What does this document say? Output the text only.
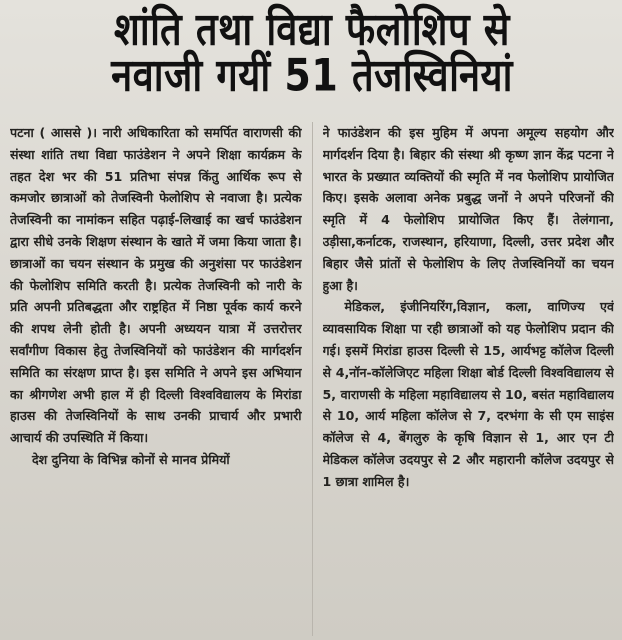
शांति तथा विद्या फैलोशिप से
नवाजी गयीं 51 तेजस्विनियां

पटना ( आससे )। नारी अधिकारिता को समर्पित वाराणसी की संस्था शांति तथा विद्या फाउंडेशन ने अपने शिक्षा कार्यक्रम के तहत देश भर की 51 प्रतिभा संपन्न किंतु आर्थिक रूप से कमजोर छात्राओं को तेजस्विनी फेलोशिप से नवाजा है। प्रत्येक तेजस्विनी का नामांकन सहित पढ़ाई-लिखाई का खर्च फाउंडेशन द्वारा सीधे उनके शिक्षण संस्थान के खाते में जमा किया जाता है। छात्राओं का चयन संस्थान के प्रमुख की अनुशंसा पर फाउंडेशन की फेलोशिप समिति करती है। प्रत्येक तेजस्विनी को नारी के प्रति अपनी प्रतिबद्धता और राष्ट्रहित में निष्ठा पूर्वक कार्य करने की शपथ लेनी होती है। अपनी अध्ययन यात्रा में उत्तरोत्तर सर्वांगीण विकास हेतु तेजस्विनियों को फाउंडेशन की मार्गदर्शन समिति का संरक्षण प्राप्त है। इस समिति ने अपने इस अभियान का श्रीगणेश अभी हाल में ही दिल्ली विश्वविद्यालय के मिरांडा हाउस की तेजस्विनियों के साथ उनकी प्राचार्य और प्रभारी आचार्य की उपस्थिति में किया।

देश दुनिया के विभिन्न कोनों से मानव प्रेमियों

ने फाउंडेशन की इस मुहिम में अपना अमूल्य सहयोग और मार्गदर्शन दिया है। बिहार की संस्था श्री कृष्ण ज्ञान केंद्र पटना ने भारत के प्रख्यात व्यक्तियों की स्मृति में नव फेलोशिप प्रायोजित किए। इसके अलावा अनेक प्रबुद्ध जनों ने अपने परिजनों की स्मृति में 4 फेलोशिप प्रायोजित किए हैं। तेलंगाना, उड़ीसा,कर्नाटक, राजस्थान, हरियाणा, दिल्ली, उत्तर प्रदेश और बिहार जैसे प्रांतों से फेलोशिप के लिए तेजस्विनियों का चयन हुआ है।

मेडिकल, इंजीनियरिंग,विज्ञान, कला, वाणिज्य एवं व्यावसायिक शिक्षा पा रही छात्राओं को यह फेलोशिप प्रदान की गई। इसमें मिरांडा हाउस दिल्ली से 15, आर्यभट्ट कॉलेज दिल्ली से 4,नॉन-कॉलेजिएट महिला शिक्षा बोर्ड दिल्ली विश्वविद्यालय से 5, वाराणसी के महिला महाविद्यालय से 10, बसंत महाविद्यालय से 10, आर्य महिला कॉलेज से 7, दरभंगा के सी एम साइंस कॉलेज से 4, बेंगलुरु के कृषि विज्ञान से 1, आर एन टी मेडिकल कॉलेज उदयपुर से 2 और महारानी कॉलेज उदयपुर से 1 छात्रा शामिल है।
